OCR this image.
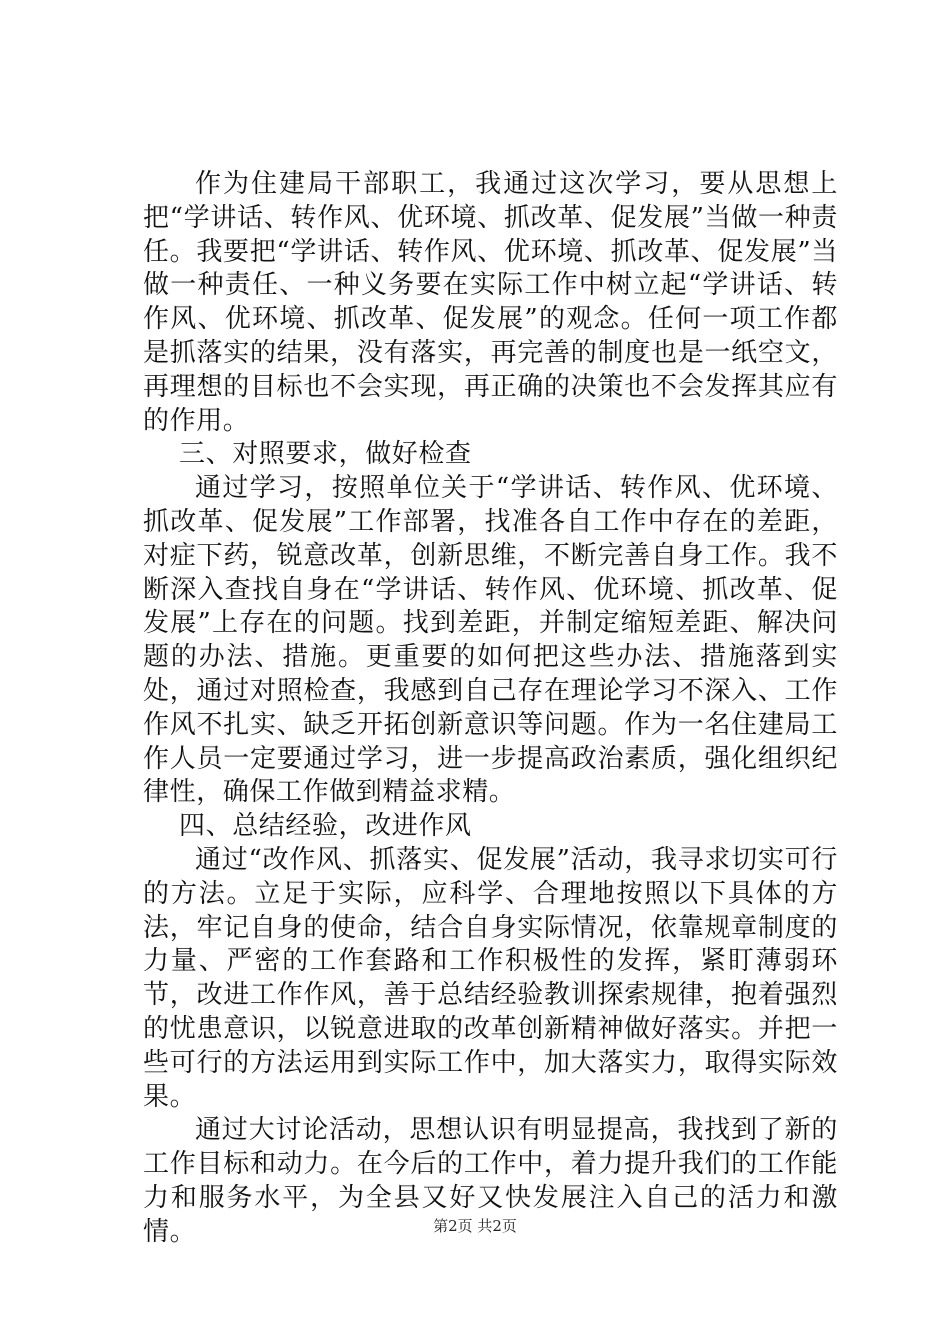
作为住建局干部职工，我通过这次学习，要从思想上把“学讲话、转作风、优环境、抓改革、促发展”当做一种责任。我要把“学讲话、转作风、优环境、抓改革、促发展”当做一种责任、一种义务要在实际工作中树立起“学讲话、转作风、优环境、抓改革、促发展”的观念。任何一项工作都是抓落实的结果，没有落实，再完善的制度也是一纸空文，再理想的目标也不会实现，再正确的决策也不会发挥其应有的作用。

三、对照要求，做好检查

通过学习，按照单位关于“学讲话、转作风、优环境、抓改革、促发展”工作部署，找准各自工作中存在的差距，对症下药，锐意改革，创新思维，不断完善自身工作。我不断深入查找自身在“学讲话、转作风、优环境、抓改革、促发展”上存在的问题。找到差距，并制定缩短差距、解决问题的办法、措施。更重要的如何把这些办法、措施落到实处，通过对照检查，我感到自己存在理论学习不深入、工作作风不扎实、缺乏开拓创新意识等问题。作为一名住建局工作人员一定要通过学习，进一步提高政治素质，强化组织纪律性，确保工作做到精益求精。

四、总结经验，改进作风

通过“改作风、抓落实、促发展”活动，我寻求切实可行的方法。立足于实际，应科学、合理地按照以下具体的方法，牢记自身的使命，结合自身实际情况，依靠规章制度的力量、严密的工作套路和工作积极性的发挥，紧盯薄弱环节，改进工作作风，善于总结经验教训探索规律，抱着强烈的忧患意识，以锐意进取的改革创新精神做好落实。并把一些可行的方法运用到实际工作中，加大落实力，取得实际效果。

通过大讨论活动，思想认识有明显提高，我找到了新的工作目标和动力。在今后的工作中，着力提升我们的工作能力和服务水平，为全县又好又快发展注入自己的活力和激情。	第2页 共2页
